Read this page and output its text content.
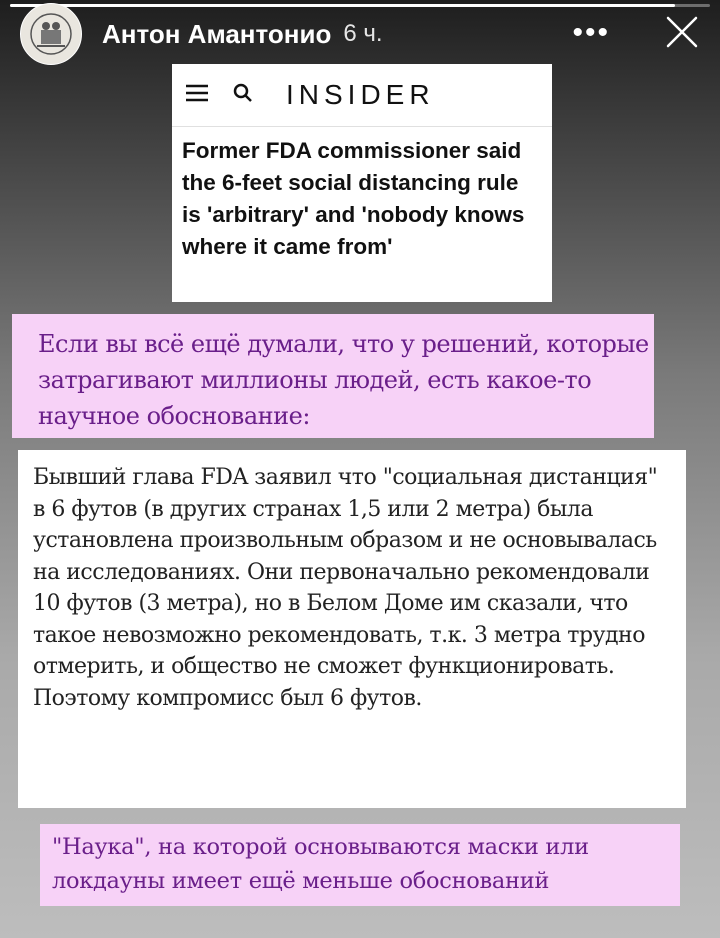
Антон Амантонио 6 ч.	•••
INSIDER
Former FDA commissioner said the 6-feet social distancing rule is 'arbitrary' and 'nobody knows where it came from'
Если вы всё ещё думали, что у решений, которые затрагивают миллионы людей, есть какое-то научное обоснование:
Бывший глава FDA заявил что "социальная дистанция" в 6 футов (в других странах 1,5 или 2 метра) была установлена произвольным образом и не основывалась на исследованиях. Они первоначально рекомендовали 10 футов (3 метра), но в Белом Доме им сказали, что такое невозможно рекомендовать, т.к. 3 метра трудно отмерить, и общество не сможет функционировать. Поэтому компромисс был 6 футов.
"Наука", на которой основываются маски или локдауны имеет ещё меньше обоснований
